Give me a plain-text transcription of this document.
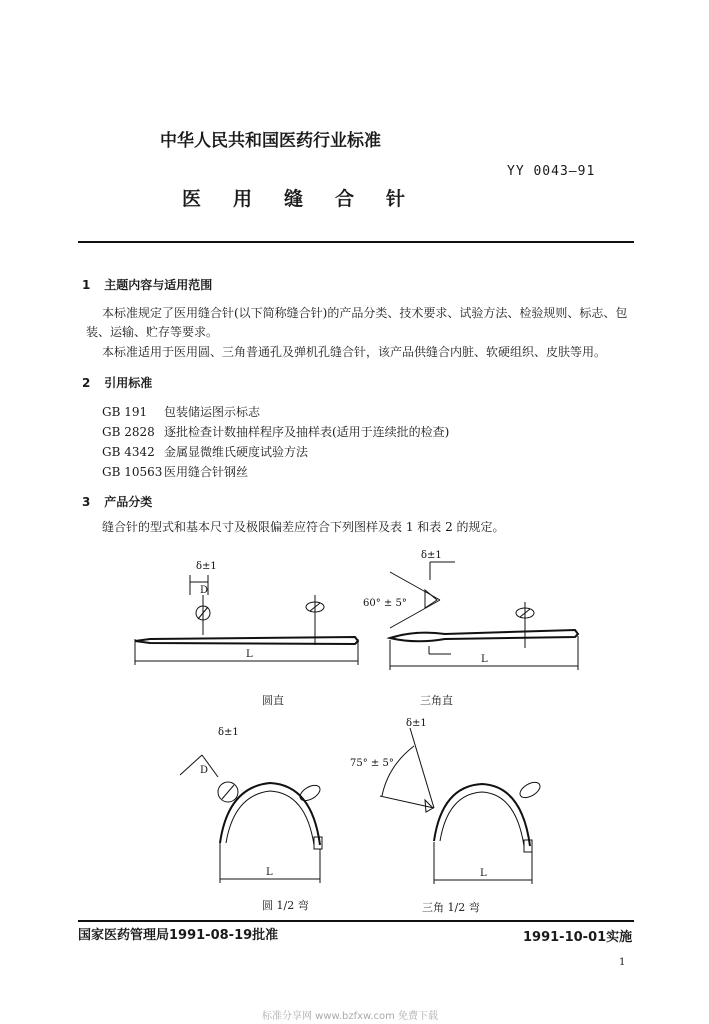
中华人民共和国医药行业标准
YY 0043—91
医用缝合针
1 主题内容与适用范围
本标准规定了医用缝合针(以下简称缝合针)的产品分类、技术要求、试验方法、检验规则、标志、包
装、运输、贮存等要求。
本标准适用于医用圆、三角普通孔及弹机孔缝合针，该产品供缝合内脏、软硬组织、皮肤等用。
2 引用标准
GB 191 包装储运图示标志
GB 2828 逐批检查计数抽样程序及抽样表(适用于连续批的检查)
GB 4342 金属显微维氏硬度试验方法
GB 10563 医用缝合针钢丝
3 产品分类
缝合针的型式和基本尺寸及极限偏差应符合下列图样及表 1 和表 2 的规定。
δ±1
D
L
圆直
δ±1
60° ± 5°
L
三角直
δ±1
D
L
圆 1/2 弯
δ±1
75° ± 5°
L
三角 1/2 弯
国家医药管理局1991-08-19批准	1991-10-01实施
1
标准分享网 www.bzfxw.com 免费下载
